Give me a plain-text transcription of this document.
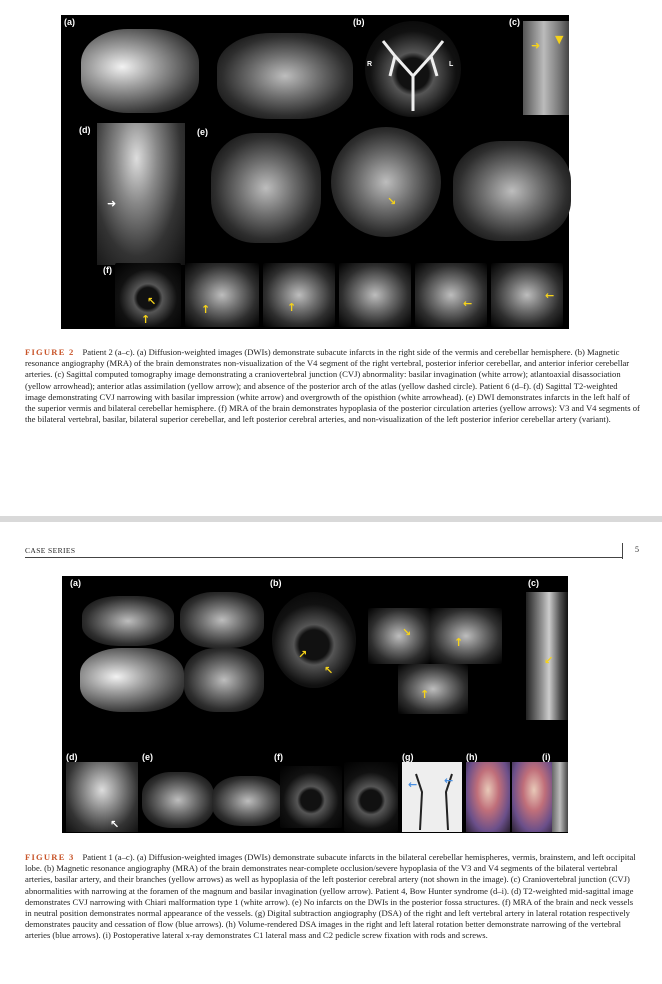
(a)	(b)
R	L
(c)
➜ ▼
(d)
➜
(e)
↘
(f)
↖
↑
↑	↑	←
←
FIGURE 2 Patient 2 (a–c). (a) Diffusion-weighted images (DWIs) demonstrate subacute infarcts in the right side of the vermis and cerebellar hemisphere. (b) Magnetic resonance angiography (MRA) of the brain demonstrates non-visualization of the V4 segment of the right vertebral, posterior inferior cerebellar, and anterior inferior cerebellar arteries. (c) Sagittal computed tomography image demonstrating a craniovertebral junction (CVJ) abnormality: basilar invagination (white arrow); atlantoaxial disassociation (yellow arrowhead); anterior atlas assimilation (yellow arrow); and absence of the posterior arch of the atlas (yellow dashed circle). Patient 6 (d–f). (d) Sagittal T2-weighted image demonstrating CVJ narrowing with basilar impression (white arrow) and overgrowth of the opisthion (white arrowhead). (e) DWI demonstrates infarcts in the left half of the superior vermis and bilateral cerebellar hemisphere. (f) MRA of the brain demonstrates hypoplasia of the posterior circulation arteries (yellow arrows): V3 and V4 segments of the bilateral vertebral, basilar, bilateral superior cerebellar, and left posterior cerebral arteries, and non-visualization of the left posterior inferior cerebellar artery (variant).
CASE SERIES	5
(a)	(b)
↗
↖
↘
↑
↑
(c)
↙
(d)
↖
(e)	(f)	(g)
← ←
(h)	(i)
FIGURE 3 Patient 1 (a–c). (a) Diffusion-weighted images (DWIs) demonstrate subacute infarcts in the bilateral cerebellar hemispheres, vermis, brainstem, and left occipital lobe. (b) Magnetic resonance angiography (MRA) of the brain demonstrates near-complete occlusion/severe hypoplasia of the V3 and V4 segments of the bilateral vertebral arteries, basilar artery, and their branches (yellow arrows) as well as hypoplasia of the left posterior cerebral artery (not shown in the image). (c) Craniovertebral junction (CVJ) abnormalities with narrowing at the foramen of the magnum and basilar invagination (yellow arrow). Patient 4, Bow Hunter syndrome (d–i). (d) T2-weighted mid-sagittal image demonstrates CVJ narrowing with Chiari malformation type 1 (white arrow). (e) No infarcts on the DWIs in the posterior fossa structures. (f) MRA of the brain and neck vessels in neutral position demonstrates normal appearance of the vessels. (g) Digital subtraction angiography (DSA) of the right and left vertebral artery in lateral rotation respectively demonstrates paucity and cessation of flow (blue arrows). (h) Volume-rendered DSA images in the right and left lateral rotation better demonstrate narrowing of the vertebral arteries (blue arrows). (i) Postoperative lateral x-ray demonstrates C1 lateral mass and C2 pedicle screw fixation with rods and screws.
